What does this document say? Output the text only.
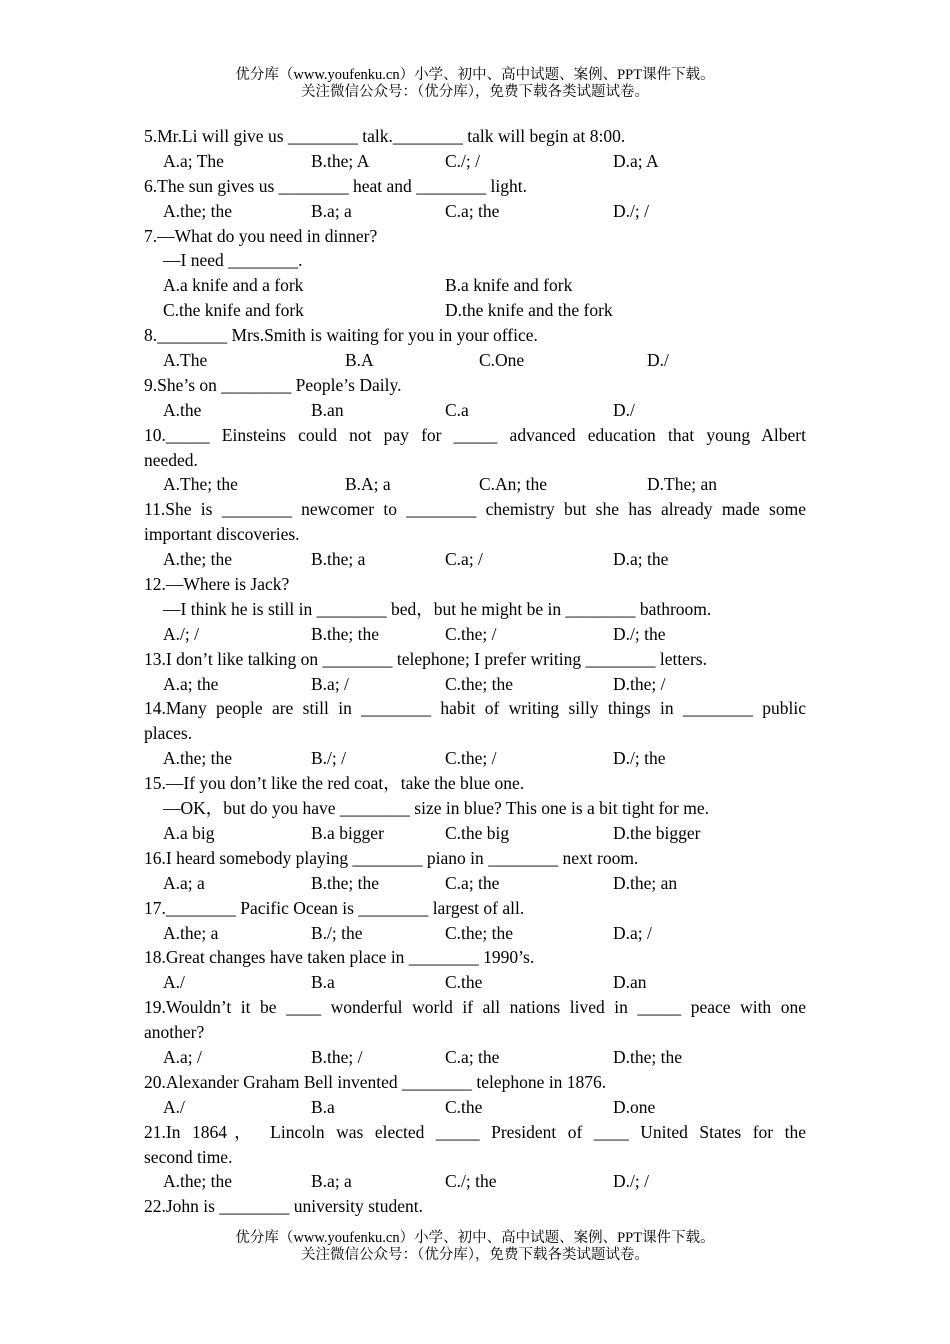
优分库（www.youfenku.cn）小学、初中、高中试题、案例、PPT课件下载。
关注微信公众号：（优分库），免费下载各类试题试卷。
5.Mr.Li will give us ________ talk.________ talk will begin at 8:00.
A.a; The	B.the; A	C./; /	D.a; A
6.The sun gives us ________ heat and ________ light.
A.the; the	B.a; a	C.a; the	D./; /
7.—What do you need in dinner?
—I need ________.
A.a knife and a fork	B.a knife and fork
C.the knife and fork	D.the knife and the fork
8.________ Mrs.Smith is waiting for you in your office.
A.The	B.A	C.One	D./
9.She’s on ________ People’s Daily.
A.the	B.an	C.a	D./
10._____ Einsteins could not pay for _____ advanced education that young Albert
needed.
A.The; the	B.A; a	C.An; the	D.The; an
11.She is ________ newcomer to ________ chemistry but she has already made some
important discoveries.
A.the; the	B.the; a	C.a; /	D.a; the
12.—Where is Jack?
—I think he is still in ________ bed，but he might be in ________ bathroom.
A./; /	B.the; the	C.the; /	D./; the
13.I don’t like talking on ________ telephone; I prefer writing ________ letters.
A.a; the	B.a; /	C.the; the	D.the; /
14.Many people are still in ________ habit of writing silly things in ________ public
places.
A.the; the	B./; /	C.the; /	D./; the
15.—If you don’t like the red coat，take the blue one.
—OK，but do you have ________ size in blue? This one is a bit tight for me.
A.a big	B.a bigger	C.the big	D.the bigger
16.I heard somebody playing ________ piano in ________ next room.
A.a; a	B.the; the	C.a; the	D.the; an
17.________ Pacific Ocean is ________ largest of all.
A.the; a	B./; the	C.the; the	D.a; /
18.Great changes have taken place in ________ 1990’s.
A./	B.a	C.the	D.an
19.Wouldn’t it be ____ wonderful world if all nations lived in _____ peace with one
another?
A.a; /	B.the; /	C.a; the	D.the; the
20.Alexander Graham Bell invented ________ telephone in 1876.
A./	B.a	C.the	D.one
21.In 1864， Lincoln was elected _____ President of ____ United States for the
second time.
A.the; the	B.a; a	C./; the	D./; /
22.John is ________ university student.
优分库（www.youfenku.cn）小学、初中、高中试题、案例、PPT课件下载。
关注微信公众号：（优分库），免费下载各类试题试卷。
